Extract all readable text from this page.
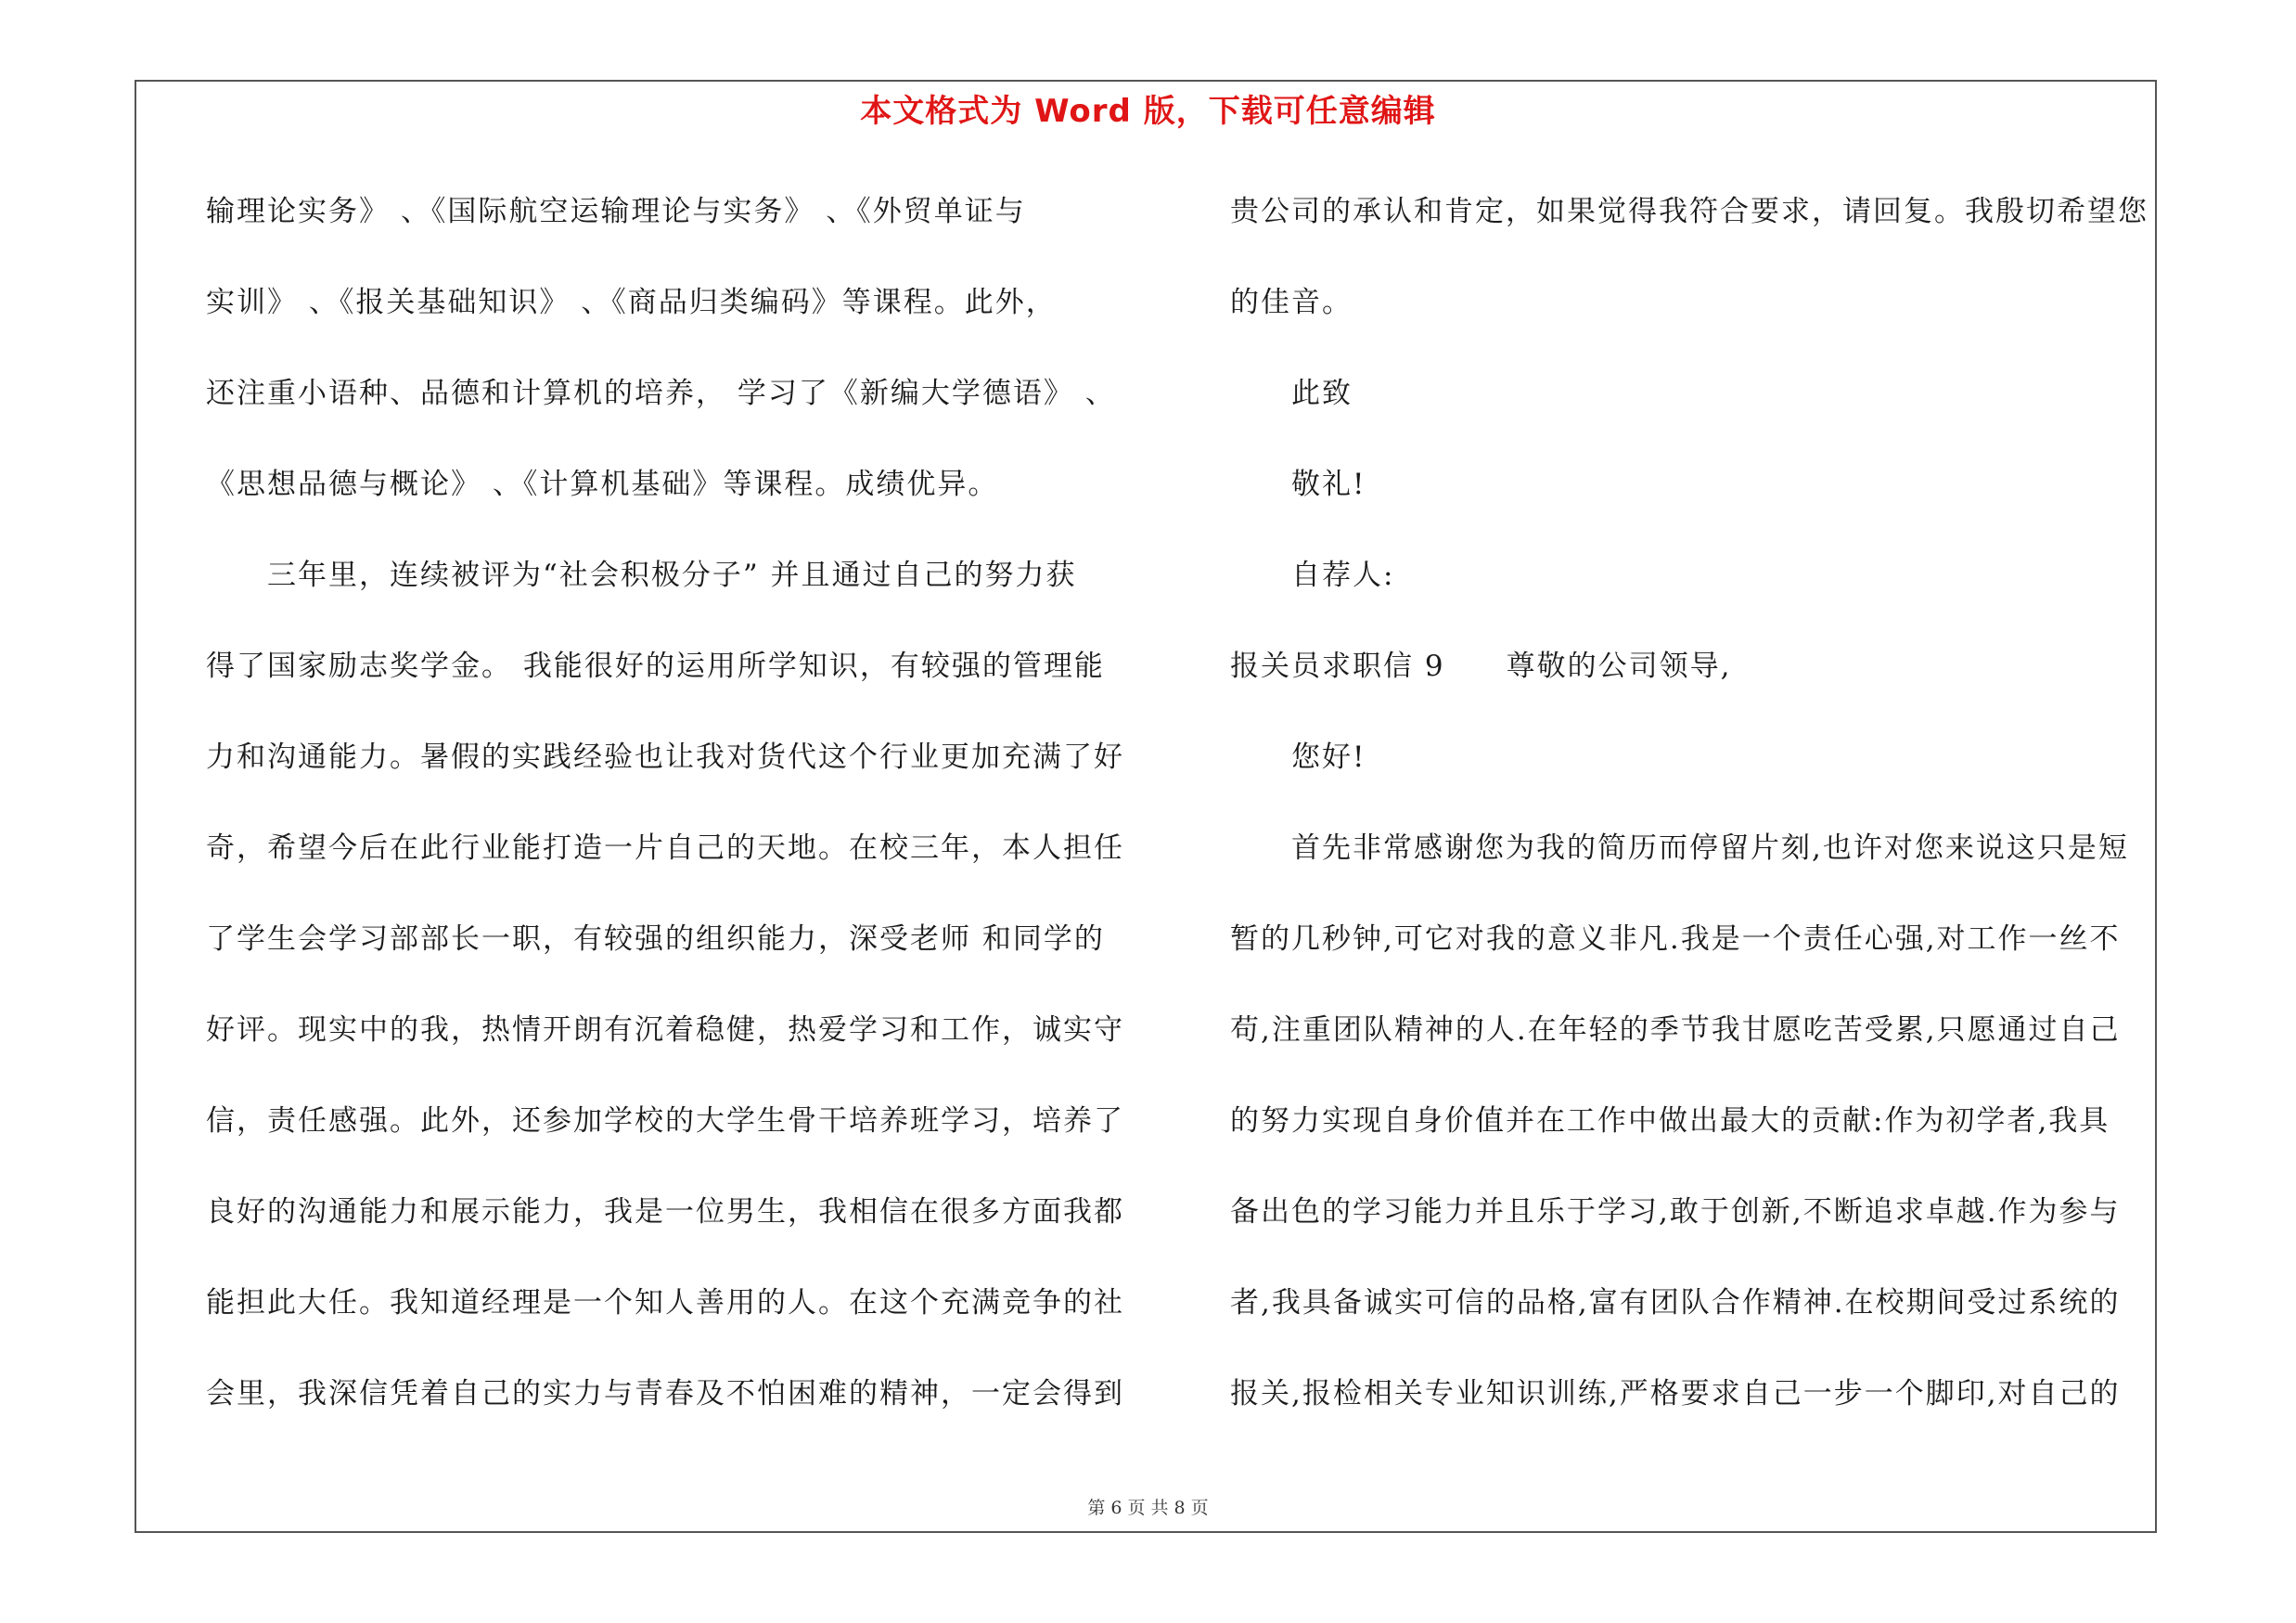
本文格式为 Word 版，下载可任意编辑
输理论实务》 、《国际航空运输理论与实务》 、《外贸单证与
实训》 、《报关基础知识》 、《商品归类编码》等课程。此外，
还注重小语种、品德和计算机的培养， 学习了《新编大学德语》 、
《思想品德与概论》 、《计算机基础》等课程。成绩优异。
　　三年里，连续被评为“社会积极分子” 并且通过自己的努力获
得了国家励志奖学金。 我能很好的运用所学知识，有较强的管理能
力和沟通能力。暑假的实践经验也让我对货代这个行业更加充满了好
奇，希望今后在此行业能打造一片自己的天地。在校三年，本人担任
了学生会学习部部长一职，有较强的组织能力，深受老师 和同学的
好评。现实中的我，热情开朗有沉着稳健，热爱学习和工作，诚实守
信，责任感强。此外，还参加学校的大学生骨干培养班学习，培养了
良好的沟通能力和展示能力，我是一位男生，我相信在很多方面我都
能担此大任。我知道经理是一个知人善用的人。在这个充满竞争的社
会里，我深信凭着自己的实力与青春及不怕困难的精神，一定会得到
贵公司的承认和肯定，如果觉得我符合要求，请回复。我殷切希望您
的佳音。
　　此致
　　敬礼!
　　自荐人:
报关员求职信 9　　尊敬的公司领导,
　　您好!
　　首先非常感谢您为我的简历而停留片刻,也许对您来说这只是短
暂的几秒钟,可它对我的意义非凡.我是一个责任心强,对工作一丝不
苟,注重团队精神的人.在年轻的季节我甘愿吃苦受累,只愿通过自己
的努力实现自身价值并在工作中做出最大的贡献:作为初学者,我具
备出色的学习能力并且乐于学习,敢于创新,不断追求卓越.作为参与
者,我具备诚实可信的品格,富有团队合作精神.在校期间受过系统的
报关,报检相关专业知识训练,严格要求自己一步一个脚印,对自己的
第 6 页 共 8 页
